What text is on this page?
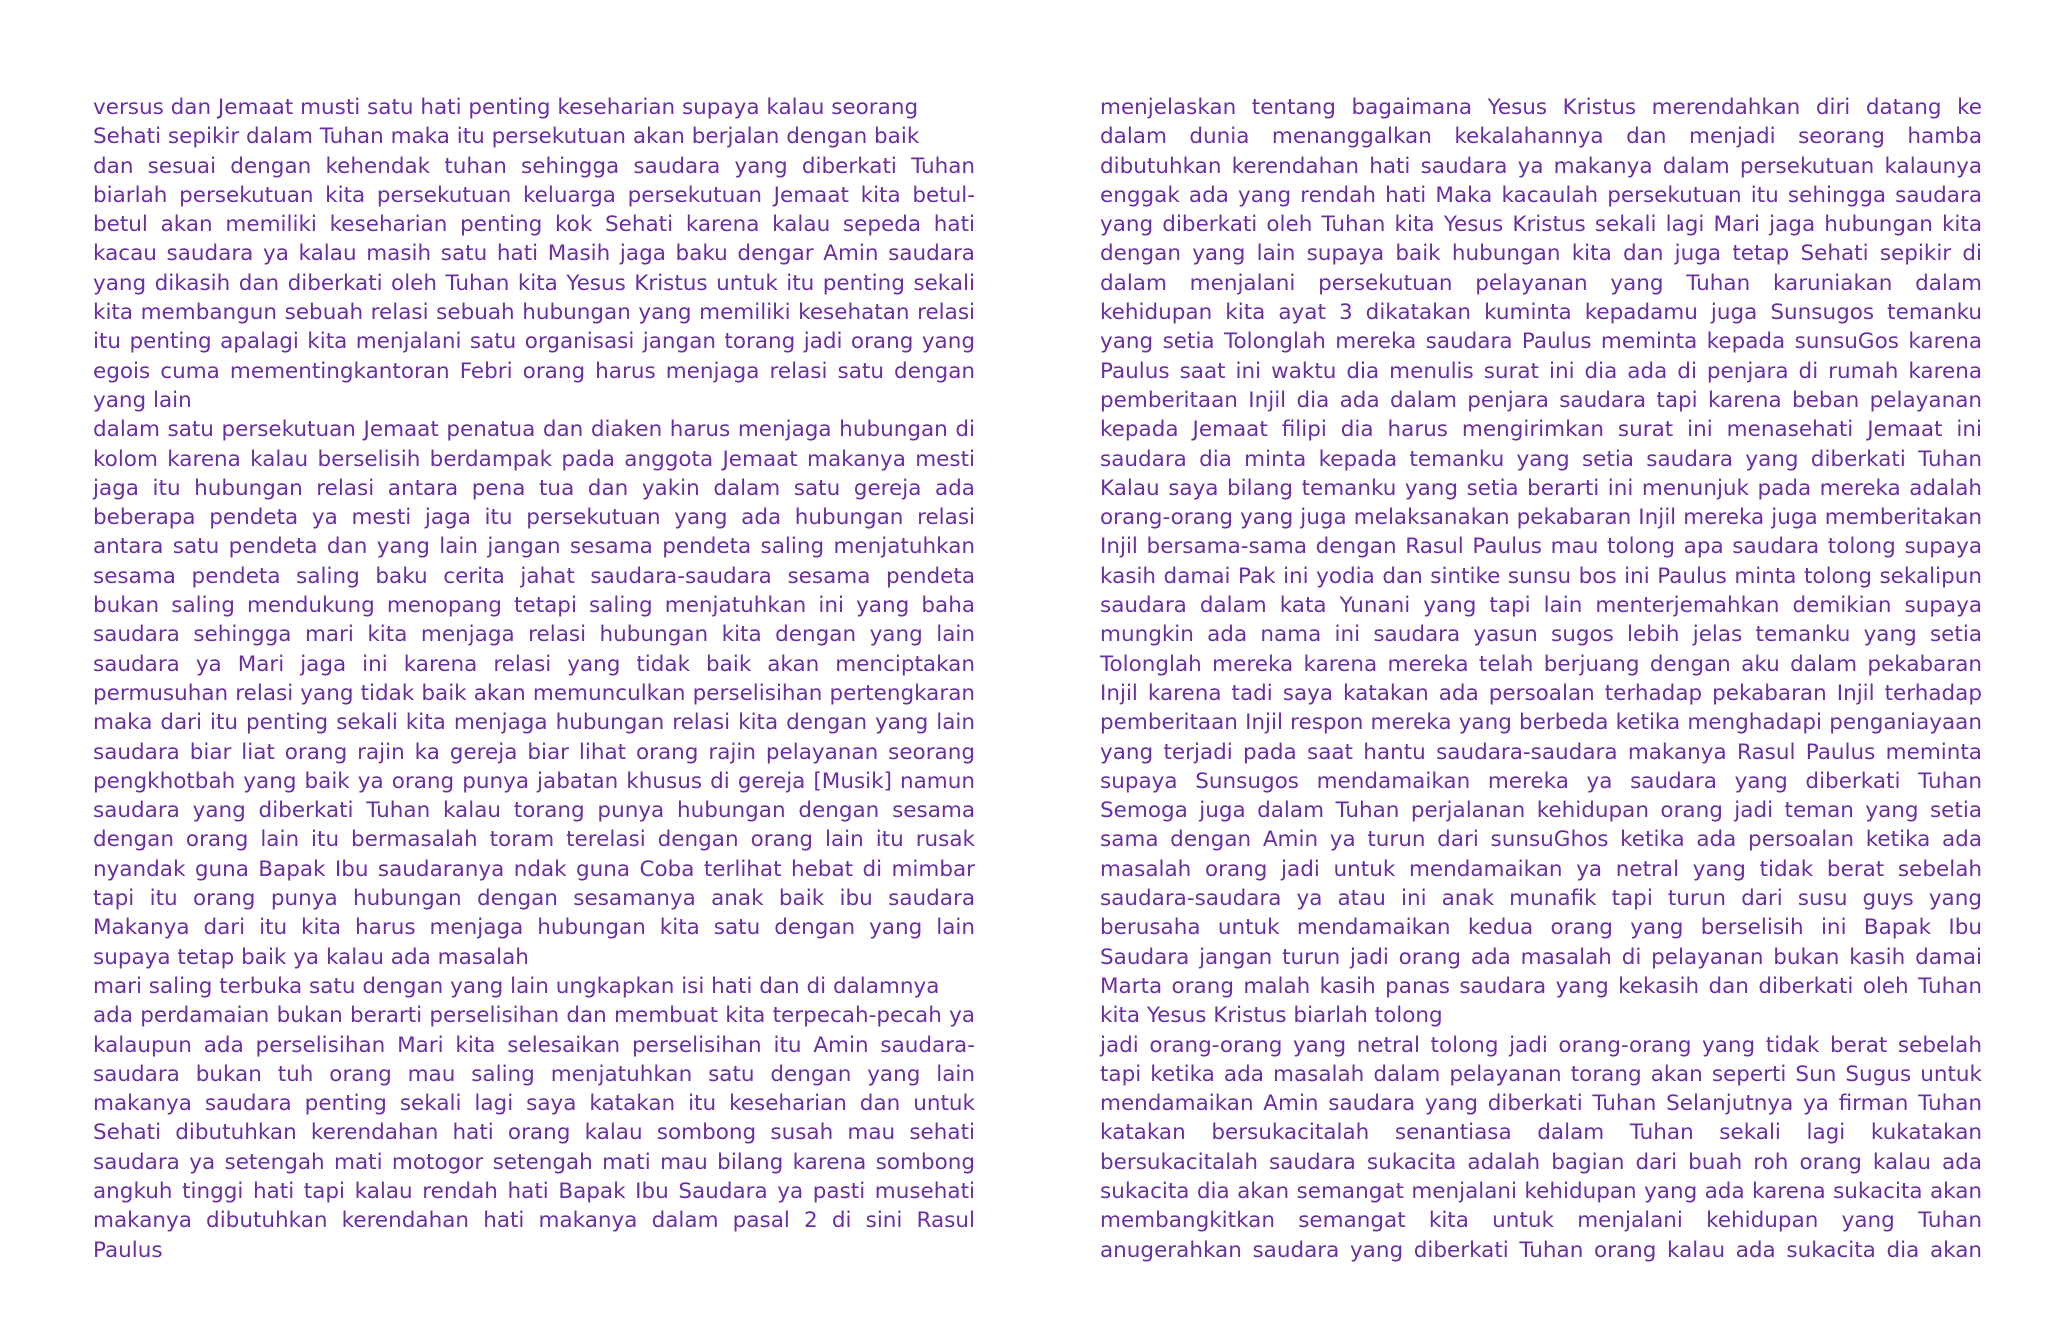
versus dan Jemaat musti satu hati penting keseharian supaya kalau seorang

Sehati sepikir dalam Tuhan maka itu persekutuan akan berjalan dengan baik

dan sesuai dengan kehendak tuhan sehingga saudara yang diberkati Tuhan biarlah persekutuan kita persekutuan keluarga persekutuan Jemaat kita betul-betul akan memiliki keseharian penting kok Sehati karena kalau sepeda hati kacau saudara ya kalau masih satu hati Masih jaga baku dengar Amin saudara yang dikasih dan diberkati oleh Tuhan kita Yesus Kristus untuk itu penting sekali kita membangun sebuah relasi sebuah hubungan yang memiliki kesehatan relasi itu penting apalagi kita menjalani satu organisasi jangan torang jadi orang yang egois cuma mementingkantoran Febri orang harus menjaga relasi satu dengan yang lain

dalam satu persekutuan Jemaat penatua dan diaken harus menjaga hubungan di kolom karena kalau berselisih berdampak pada anggota Jemaat makanya mesti jaga itu hubungan relasi antara pena tua dan yakin dalam satu gereja ada beberapa pendeta ya mesti jaga itu persekutuan yang ada hubungan relasi antara satu pendeta dan yang lain jangan sesama pendeta saling menjatuhkan sesama pendeta saling baku cerita jahat saudara-saudara sesama pendeta bukan saling mendukung menopang tetapi saling menjatuhkan ini yang baha saudara sehingga mari kita menjaga relasi hubungan kita dengan yang lain saudara ya Mari jaga ini karena relasi yang tidak baik akan menciptakan permusuhan relasi yang tidak baik akan memunculkan perselisihan pertengkaran maka dari itu penting sekali kita menjaga hubungan relasi kita dengan yang lain saudara biar liat orang rajin ka gereja biar lihat orang rajin pelayanan seorang pengkhotbah yang baik ya orang punya jabatan khusus di gereja [Musik] namun saudara yang diberkati Tuhan kalau torang punya hubungan dengan sesama dengan orang lain itu bermasalah toram terelasi dengan orang lain itu rusak nyandak guna Bapak Ibu saudaranya ndak guna Coba terlihat hebat di mimbar tapi itu orang punya hubungan dengan sesamanya anak baik ibu saudara Makanya dari itu kita harus menjaga hubungan kita satu dengan yang lain supaya tetap baik ya kalau ada masalah

mari saling terbuka satu dengan yang lain ungkapkan isi hati dan di dalamnya

ada perdamaian bukan berarti perselisihan dan membuat kita terpecah-pecah ya kalaupun ada perselisihan Mari kita selesaikan perselisihan itu Amin saudara-saudara bukan tuh orang mau saling menjatuhkan satu dengan yang lain makanya saudara penting sekali lagi saya katakan itu keseharian dan untuk Sehati dibutuhkan kerendahan hati orang kalau sombong susah mau sehati saudara ya setengah mati motogor setengah mati mau bilang karena sombong angkuh tinggi hati tapi kalau rendah hati Bapak Ibu Saudara ya pasti musehati makanya dibutuhkan kerendahan hati makanya dalam pasal 2 di sini Rasul Paulus

menjelaskan tentang bagaimana Yesus Kristus merendahkan diri datang ke dalam dunia menanggalkan kekalahannya dan menjadi seorang hamba dibutuhkan kerendahan hati saudara ya makanya dalam persekutuan kalaunya enggak ada yang rendah hati Maka kacaulah persekutuan itu sehingga saudara yang diberkati oleh Tuhan kita Yesus Kristus sekali lagi Mari jaga hubungan kita dengan yang lain supaya baik hubungan kita dan juga tetap Sehati sepikir di dalam menjalani persekutuan pelayanan yang Tuhan karuniakan dalam kehidupan kita ayat 3 dikatakan kuminta kepadamu juga Sunsugos temanku yang setia Tolonglah mereka saudara Paulus meminta kepada sunsuGos karena Paulus saat ini waktu dia menulis surat ini dia ada di penjara di rumah karena pemberitaan Injil dia ada dalam penjara saudara tapi karena beban pelayanan kepada Jemaat filipi dia harus mengirimkan surat ini menasehati Jemaat ini saudara dia minta kepada temanku yang setia saudara yang diberkati Tuhan Kalau saya bilang temanku yang setia berarti ini menunjuk pada mereka adalah orang-orang yang juga melaksanakan pekabaran Injil mereka juga memberitakan Injil bersama-sama dengan Rasul Paulus mau tolong apa saudara tolong supaya kasih damai Pak ini yodia dan sintike sunsu bos ini Paulus minta tolong sekalipun saudara dalam kata Yunani yang tapi lain menterjemahkan demikian supaya mungkin ada nama ini saudara yasun sugos lebih jelas temanku yang setia Tolonglah mereka karena mereka telah berjuang dengan aku dalam pekabaran Injil karena tadi saya katakan ada persoalan terhadap pekabaran Injil terhadap pemberitaan Injil respon mereka yang berbeda ketika menghadapi penganiayaan yang terjadi pada saat hantu saudara-saudara makanya Rasul Paulus meminta supaya Sunsugos mendamaikan mereka ya saudara yang diberkati Tuhan Semoga juga dalam Tuhan perjalanan kehidupan orang jadi teman yang setia sama dengan Amin ya turun dari sunsuGhos ketika ada persoalan ketika ada masalah orang jadi untuk mendamaikan ya netral yang tidak berat sebelah saudara-saudara ya atau ini anak munafik tapi turun dari susu guys yang berusaha untuk mendamaikan kedua orang yang berselisih ini Bapak Ibu Saudara jangan turun jadi orang ada masalah di pelayanan bukan kasih damai Marta orang malah kasih panas saudara yang kekasih dan diberkati oleh Tuhan kita Yesus Kristus biarlah tolong

jadi orang-orang yang netral tolong jadi orang-orang yang tidak berat sebelah tapi ketika ada masalah dalam pelayanan torang akan seperti Sun Sugus untuk mendamaikan Amin saudara yang diberkati Tuhan Selanjutnya ya firman Tuhan katakan bersukacitalah senantiasa dalam Tuhan sekali lagi kukatakan bersukacitalah saudara sukacita adalah bagian dari buah roh orang kalau ada sukacita dia akan semangat menjalani kehidupan yang ada karena sukacita akan membangkitkan semangat kita untuk menjalani kehidupan yang Tuhan anugerahkan saudara yang diberkati Tuhan orang kalau ada sukacita dia akan
